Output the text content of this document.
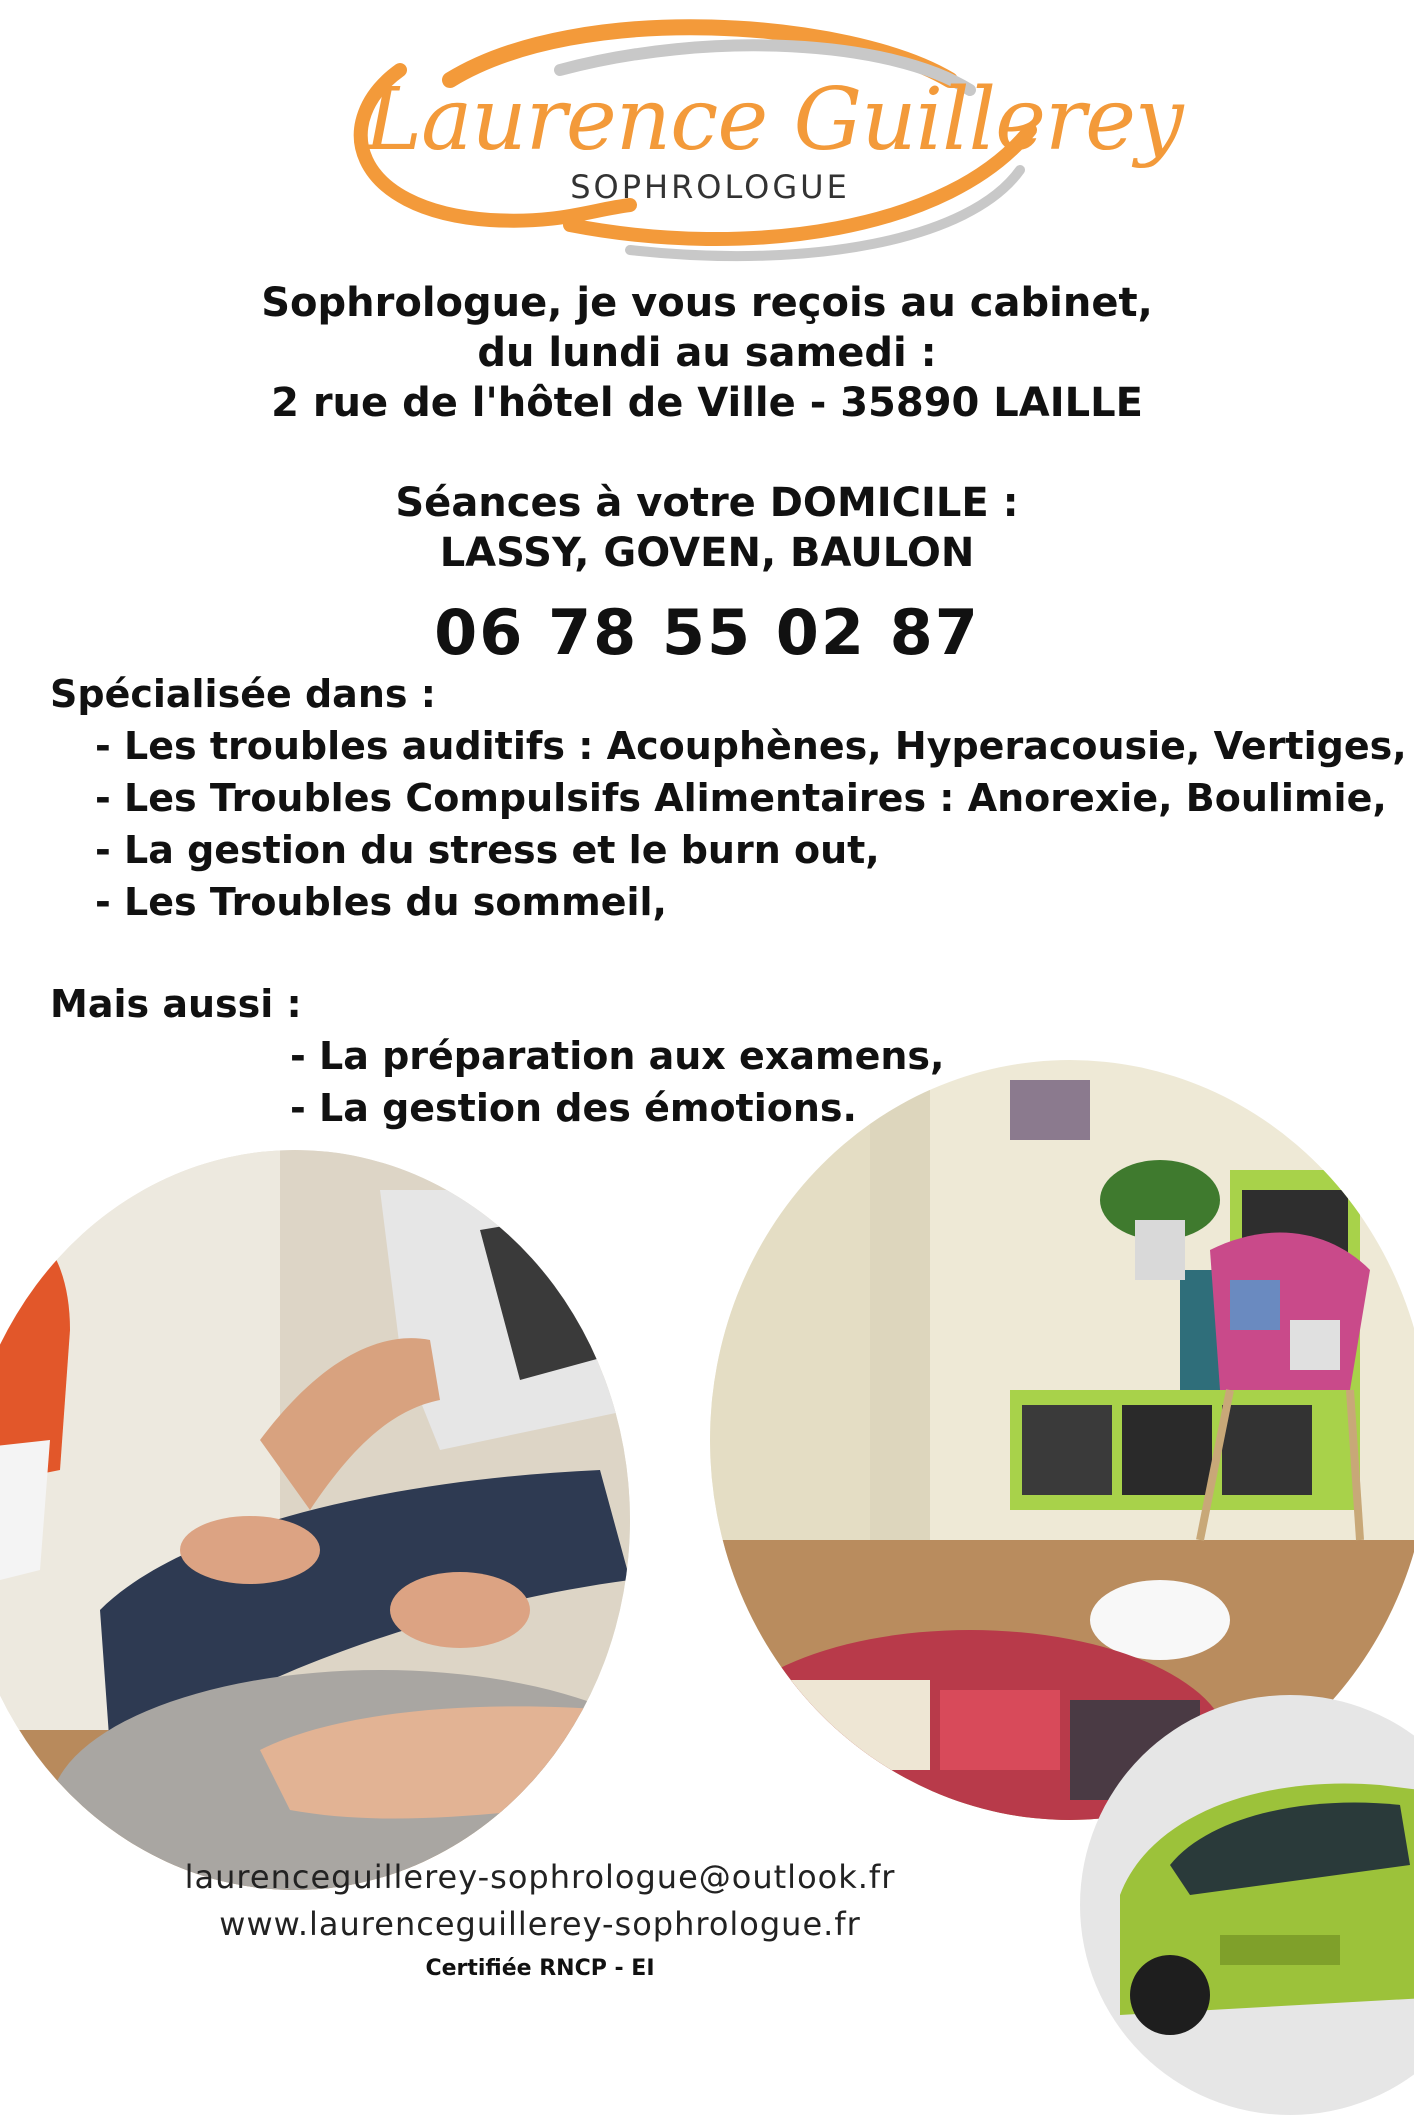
Laurence Guillerey
SOPHROLOGUE
Sophrologue, je vous reçois au cabinet,
du lundi au samedi :
2 rue de l'hôtel de Ville - 35890 LAILLE
Séances à votre DOMICILE :
LASSY, GOVEN, BAULON
06 78 55 02 87
Spécialisée dans :
- Les troubles auditifs : Acouphènes, Hyperacousie, Vertiges,
- Les Troubles Compulsifs Alimentaires : Anorexie, Boulimie,
- La gestion du stress et le burn out,
- Les Troubles du sommeil,
Mais aussi :
- La préparation aux examens,
- La gestion des émotions.
laurenceguillerey-sophrologue@outlook.fr
www.laurenceguillerey-sophrologue.fr
Certifiée RNCP - EI
